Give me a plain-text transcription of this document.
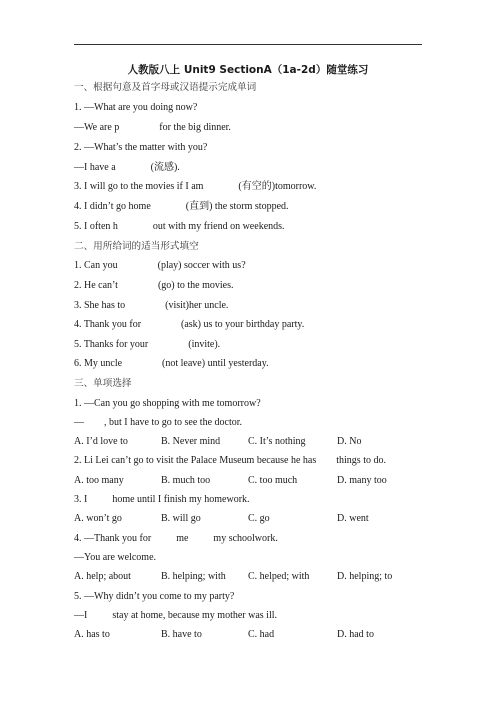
人教版八上 Unit9 SectionA（1a-2d）随堂练习
一、根据句意及首字母或汉语提示完成单词
1. —What are you doing now?
—We are p                for the big dinner.
2. —What’s the matter with you?
—I have a              (流感).
3. I will go to the movies if I am              (有空的)tomorrow.
4. I didn’t go home              (直到) the storm stopped.
5. I often h              out with my friend on weekends.
二、用所给词的适当形式填空
1. Can you                (play) soccer with us?
2. He can’t                (go) to the movies.
3. She has to                (visit)her uncle.
4. Thank you for                (ask) us to your birthday party.
5. Thanks for your                (invite).
6. My uncle                (not leave) until yesterday.
三、单项选择
1. —Can you go shopping with me tomorrow?
—        , but I have to go to see the doctor.
A. I’d love to	B. Never mind	C. It’s nothing	D. No
2. Li Lei can’t go to visit the Palace Museum because he has        things to do.
A. too many	B. much too	C. too much	D. many too
3. I          home until I finish my homework.
A. won’t go	B. will go	C. go	D. went
4. —Thank you for          me          my schoolwork.
—You are welcome.
A. help; about	B. helping; with C. helped; with	D. helping; to
5. —Why didn’t you come to my party?
—I          stay at home, because my mother was ill.
A. has to	B. have to	C. had	D. had to
